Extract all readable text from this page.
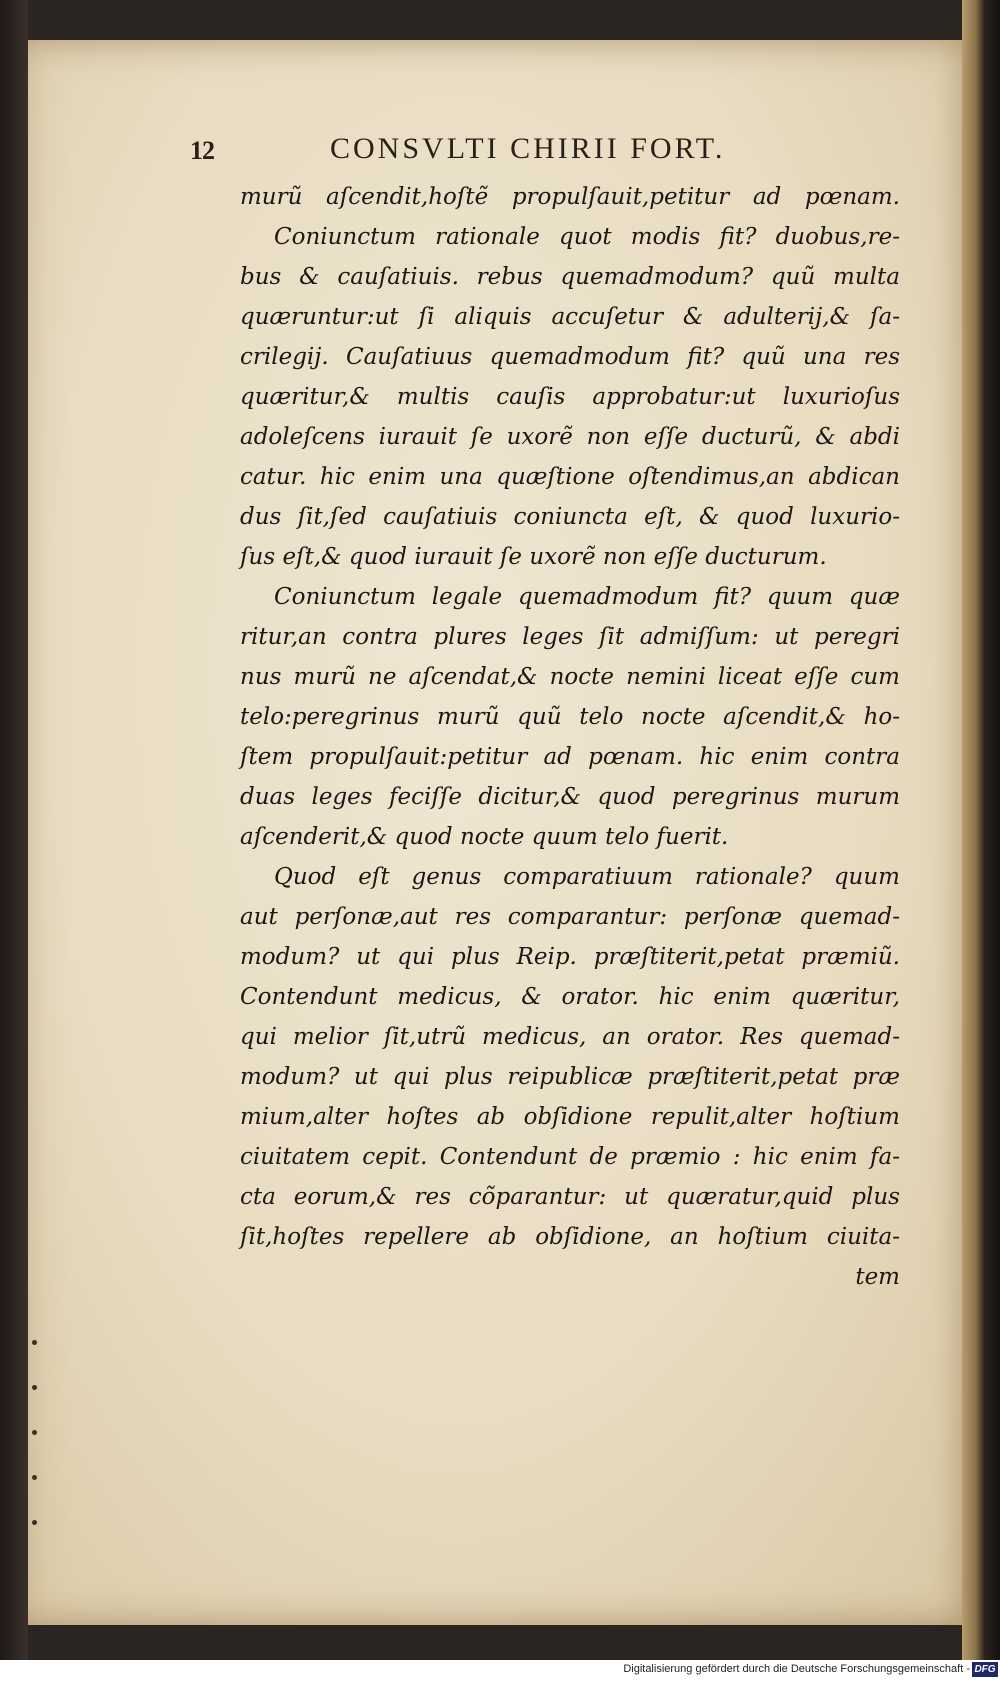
12	CONSVLTI CHIRII FORT.
murũ aſcendit,hoſtẽ propulſauit,petitur ad pœnam.
Coniunctum rationale quot modis fit? duobus,re-
bus & cauſatiuis. rebus quemadmodum? quũ multa
quæruntur:ut ſi aliquis accuſetur & adulterij,& ſa-
crilegij. Cauſatiuus quemadmodum fit? quũ una res
quæritur,& multis cauſis approbatur:ut luxurioſus
adoleſcens iurauit ſe uxorẽ non eſſe ducturũ, & abdi
catur. hic enim una quæſtione oſtendimus,an abdican
dus ſit,ſed cauſatiuis coniuncta eſt, & quod luxurio-
ſus eſt,& quod iurauit ſe uxorẽ non eſſe ducturum.
Coniunctum legale quemadmodum fit? quum quæ
ritur,an contra plures leges ſit admiſſum: ut peregri
nus murũ ne aſcendat,& nocte nemini liceat eſſe cum
telo:peregrinus murũ quũ telo nocte aſcendit,& ho-
ſtem propulſauit:petitur ad pœnam. hic enim contra
duas leges feciſſe dicitur,& quod peregrinus murum
aſcenderit,& quod nocte quum telo fuerit.
Quod eſt genus comparatiuum rationale? quum
aut perſonæ,aut res comparantur: perſonæ quemad-
modum? ut qui plus Reip. præſtiterit,petat præmiũ.
Contendunt medicus, & orator. hic enim quæritur,
qui melior ſit,utrũ medicus, an orator. Res quemad-
modum? ut qui plus reipublicæ præſtiterit,petat præ
mium,alter hoſtes ab obſidione repulit,alter hoſtium
ciuitatem cepit. Contendunt de præmio : hic enim fa-
cta eorum,& res cõparantur: ut quæratur,quid plus
ſit,hoſtes repellere ab obſidione, an hoſtium ciuita-
tem
Digitalisierung gefördert durch die Deutsche Forschungsgemeinschaft - DFG
